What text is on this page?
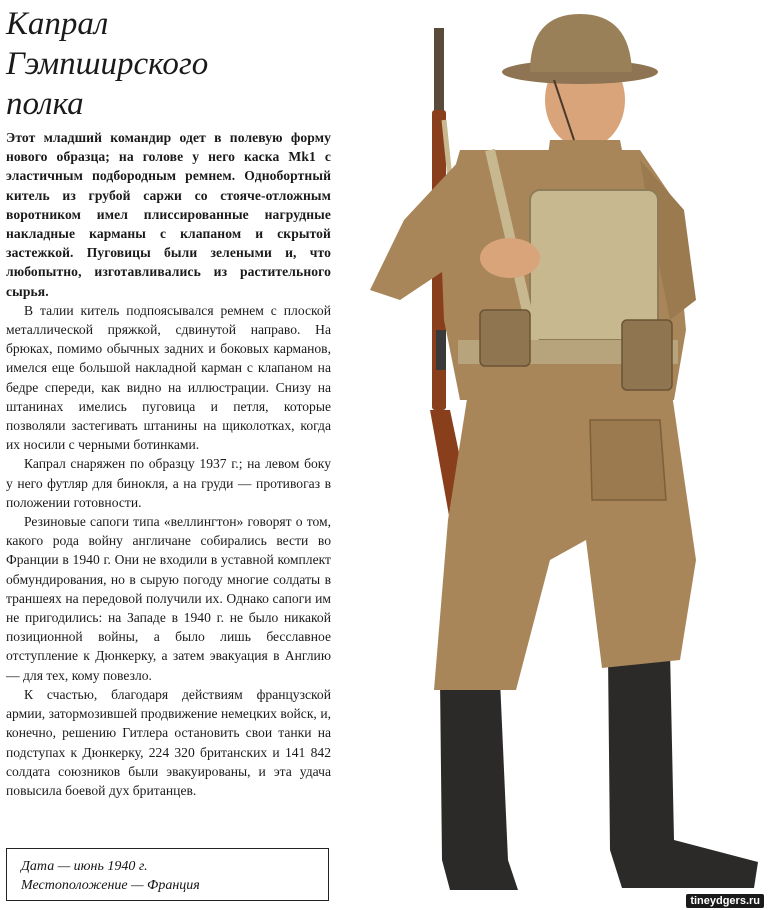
Капрал
Гэмпширского
полка

Этот младший командир одет в полевую форму нового образца; на голове у него каска Mk1 с эластичным подбородным ремнем. Однобортный китель из грубой саржи со стояче-отложным воротником имел плиссированные нагрудные накладные карманы с клапаном и скрытой застежкой. Пуговицы были зелеными и, что любопытно, изготавливались из растительного сырья.

В талии китель подпоясывался ремнем с плоской металлической пряжкой, сдвинутой направо. На брюках, помимо обычных задних и боковых карманов, имелся еще большой накладной карман с клапаном на бедре спереди, как видно на иллюстрации. Снизу на штанинах имелись пуговица и петля, которые позволяли застегивать штанины на щиколотках, когда их носили с черными ботинками.

Капрал снаряжен по образцу 1937 г.; на левом боку у него футляр для бинокля, а на груди — противогаз в положении готовности.

Резиновые сапоги типа «веллингтон» говорят о том, какого рода войну англичане собирались вести во Франции в 1940 г. Они не входили в уставной комплект обмундирования, но в сырую погоду многие солдаты в траншеях на передовой получили их. Однако сапоги им не пригодились: на Западе в 1940 г. не было никакой позиционной войны, а было лишь бесславное отступление к Дюнкерку, а затем эвакуация в Англию — для тех, кому повезло.

К счастью, благодаря действиям французской армии, затормозившей продвижение немецких войск, и, конечно, решению Гитлера остановить свои танки на подступах к Дюнкерку, 224 320 британских и 141 842 солдата союзников были эвакуированы, и эта удача повысила боевой дух британцев.

Дата — июнь 1940 г.
Местоположение — Франция
tineydgers.ru
